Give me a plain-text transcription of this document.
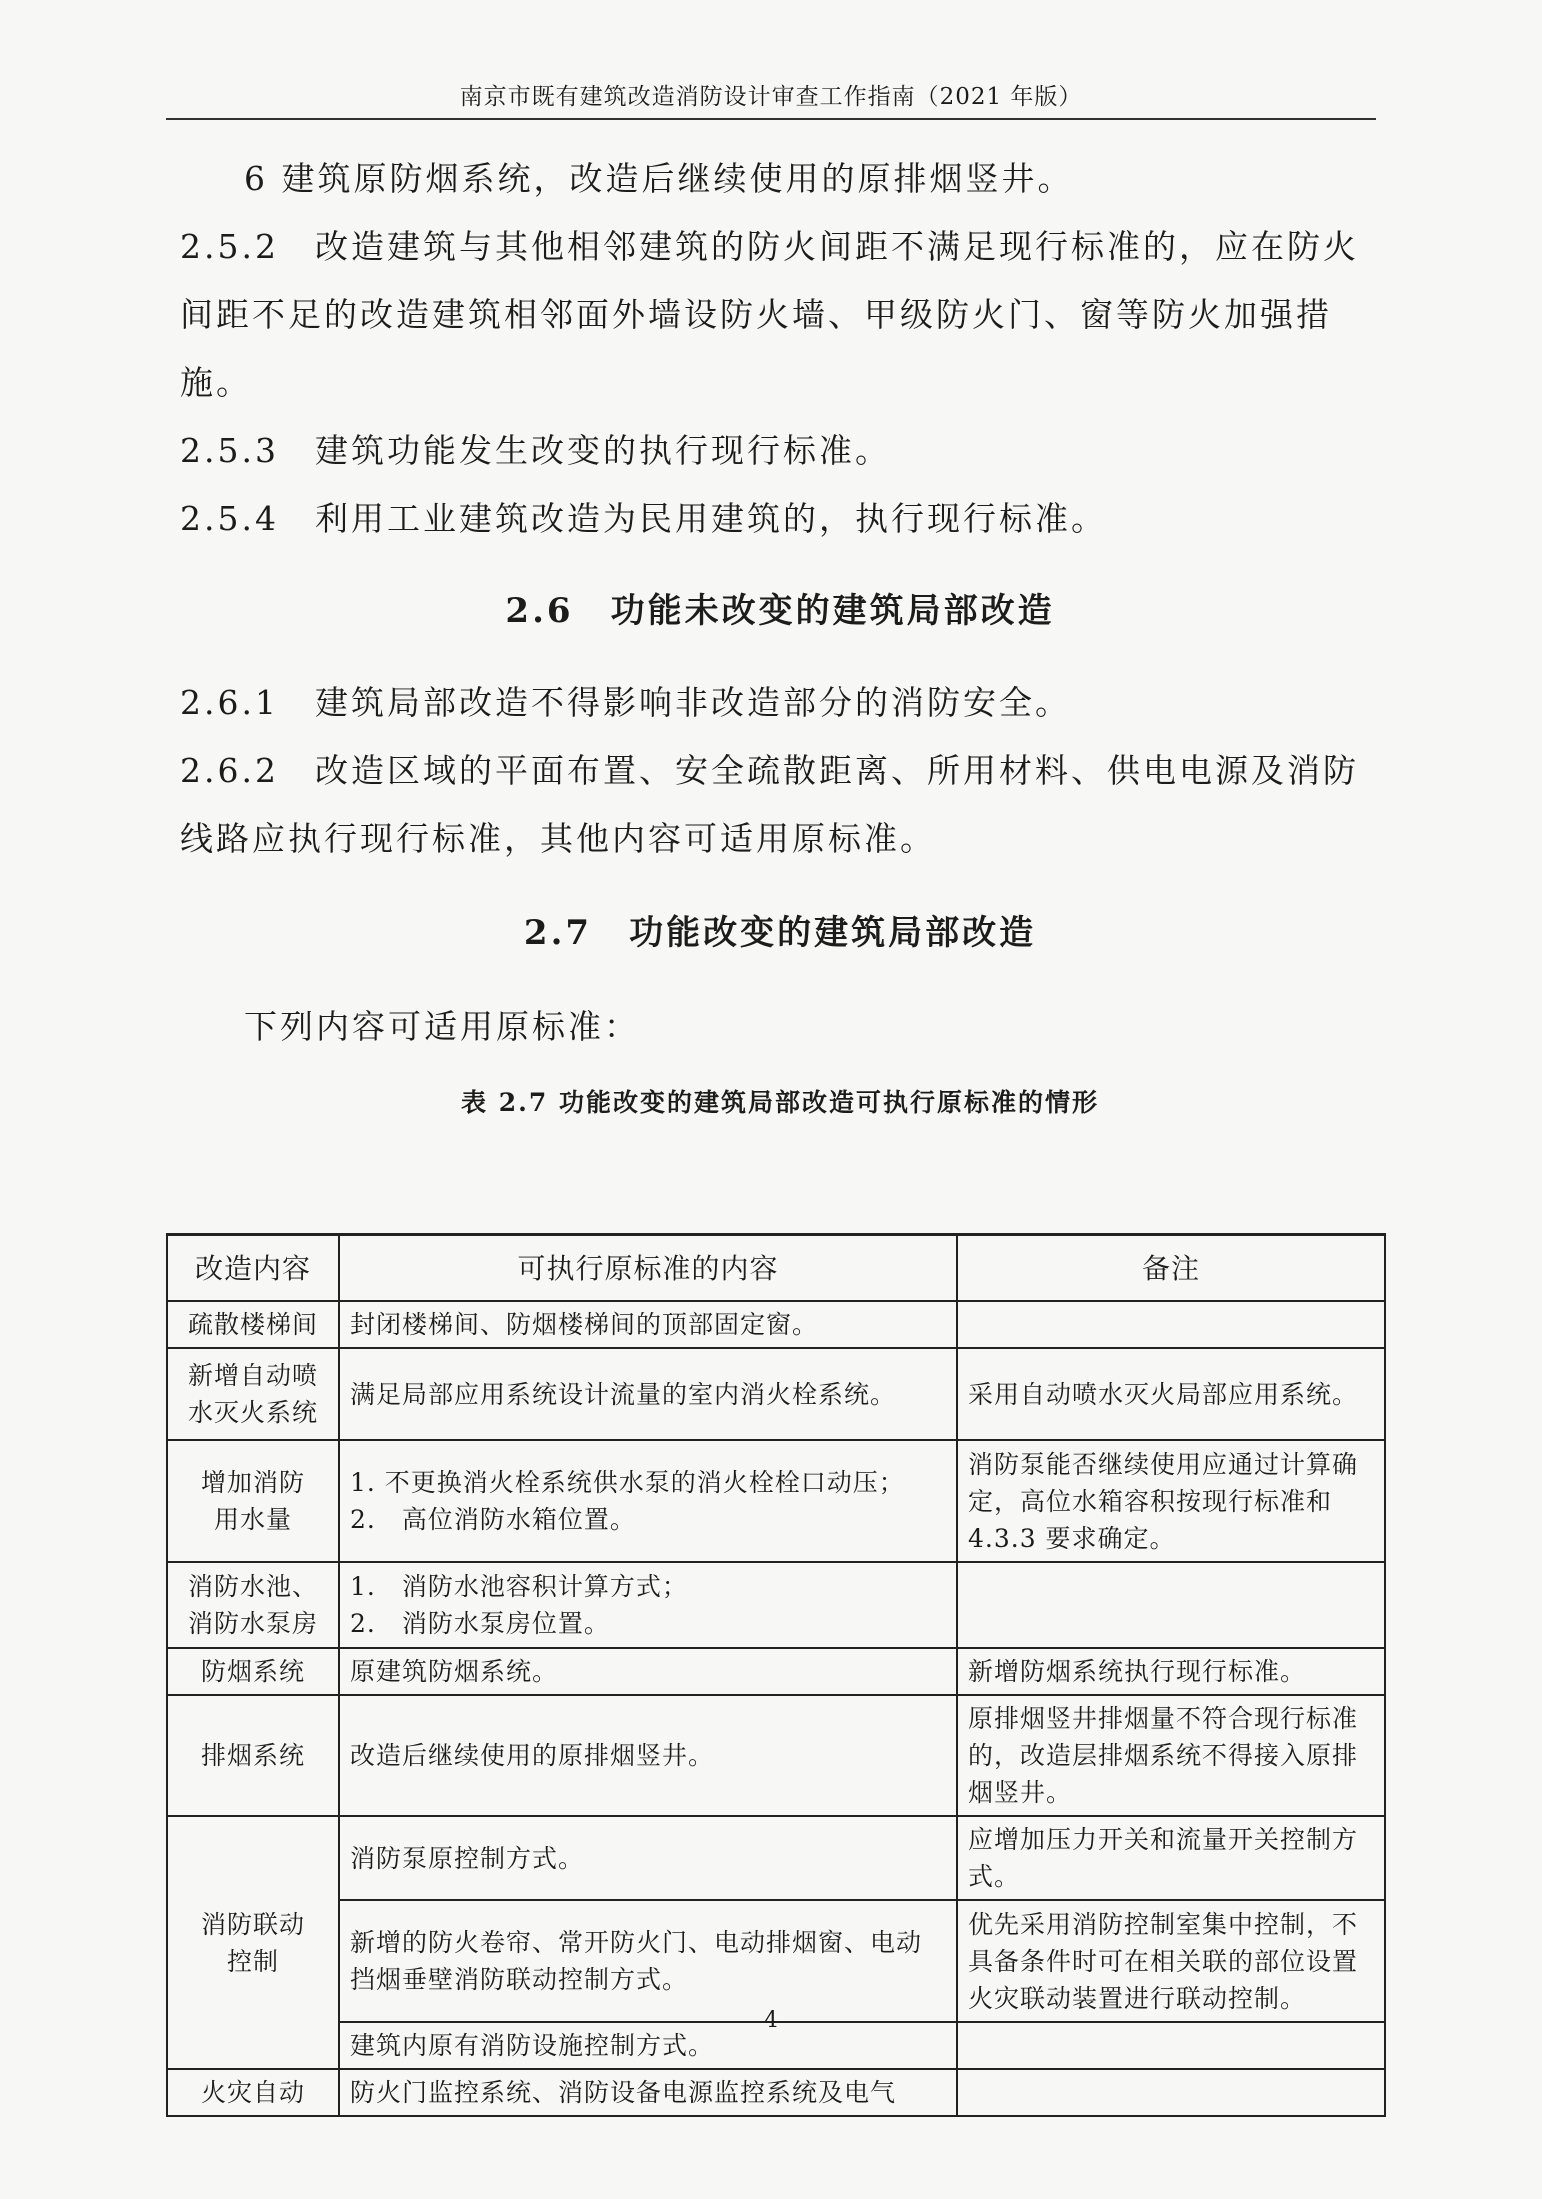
南京市既有建筑改造消防设计审查工作指南（2021 年版）

6 建筑原防烟系统，改造后继续使用的原排烟竖井。

2.5.2 改造建筑与其他相邻建筑的防火间距不满足现行标准的，应在防火间距不足的改造建筑相邻面外墙设防火墙、甲级防火门、窗等防火加强措施。

2.5.3 建筑功能发生改变的执行现行标准。

2.5.4 利用工业建筑改造为民用建筑的，执行现行标准。

2.6　功能未改变的建筑局部改造

2.6.1 建筑局部改造不得影响非改造部分的消防安全。

2.6.2 改造区域的平面布置、安全疏散距离、所用材料、供电电源及消防线路应执行现行标准，其他内容可适用原标准。

2.7　功能改变的建筑局部改造

下列内容可适用原标准：

表 2.7 功能改变的建筑局部改造可执行原标准的情形
改造内容	可执行原标准的内容	备注
疏散楼梯间	封闭楼梯间、防烟楼梯间的顶部固定窗。	
新增自动喷
水灭火系统	满足局部应用系统设计流量的室内消火栓系统。	采用自动喷水灭火局部应用系统。
增加消防
用水量	1. 不更换消火栓系统供水泵的消火栓栓口动压；
2.　高位消防水箱位置。	消防泵能否继续使用应通过计算确定，高位水箱容积按现行标准和 4.3.3 要求确定。
消防水池、
消防水泵房	1.　消防水池容积计算方式；
2.　消防水泵房位置。	
防烟系统	原建筑防烟系统。	新增防烟系统执行现行标准。
排烟系统	改造后继续使用的原排烟竖井。	原排烟竖井排烟量不符合现行标准的，改造层排烟系统不得接入原排烟竖井。
消防联动
控制	消防泵原控制方式。	应增加压力开关和流量开关控制方式。
	新增的防火卷帘、常开防火门、电动排烟窗、电动挡烟垂壁消防联动控制方式。	优先采用消防控制室集中控制，不具备条件时可在相关联的部位设置火灾联动装置进行联动控制。
	建筑内原有消防设施控制方式。	
火灾自动	防火门监控系统、消防设备电源监控系统及电气	
4
